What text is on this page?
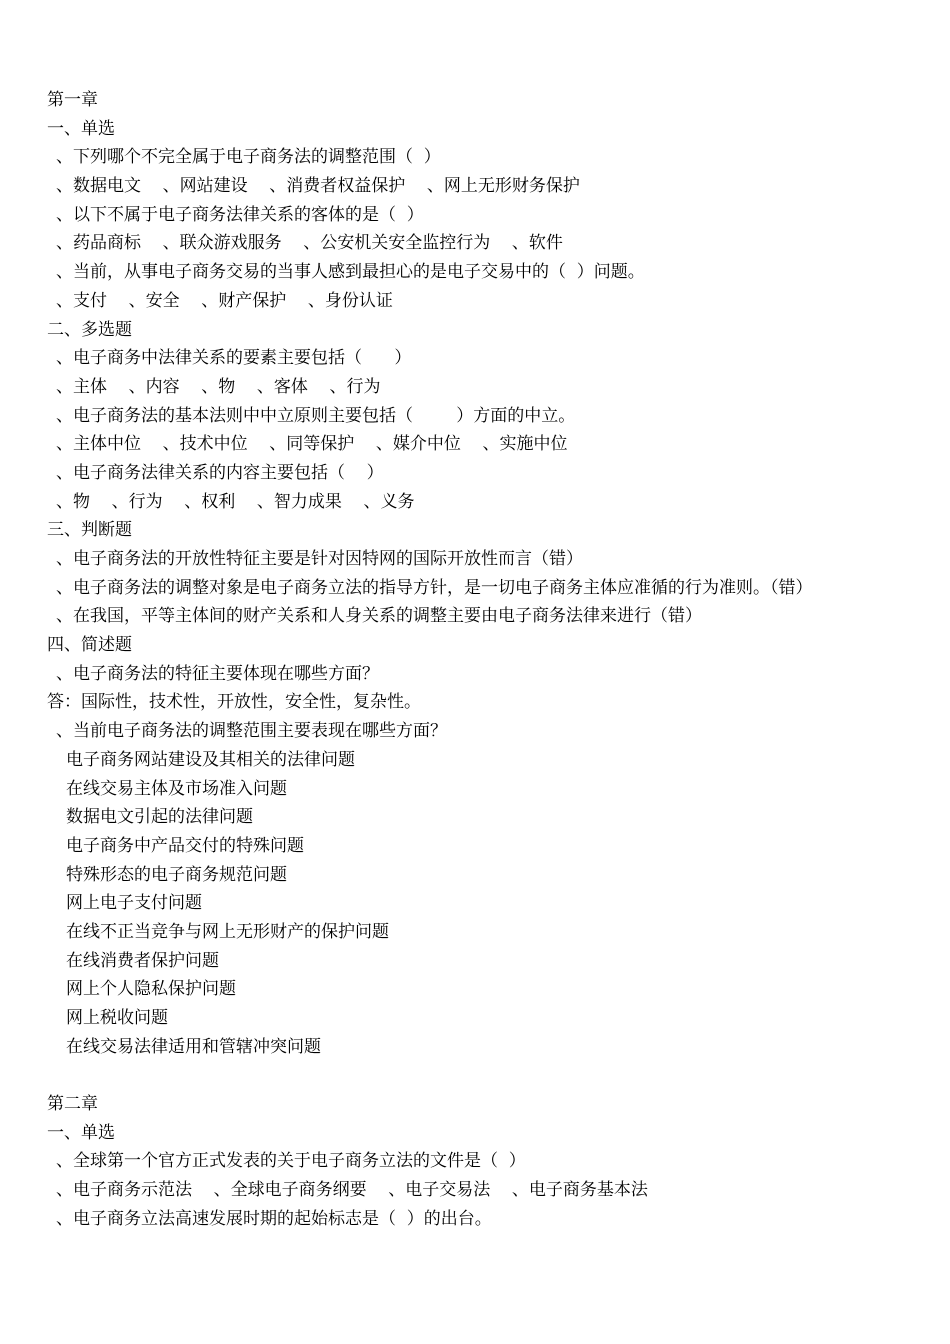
第一章
一、单选
、下列哪个不完全属于电子商务法的调整范围（  ）
、数据电文    、网站建设    、消费者权益保护    、网上无形财务保护
、以下不属于电子商务法律关系的客体的是（  ）
、药品商标    、联众游戏服务    、公安机关安全监控行为    、软件
、当前，从事电子商务交易的当事人感到最担心的是电子交易中的（  ）问题。
、支付    、安全    、财产保护    、身份认证
二、多选题
、电子商务中法律关系的要素主要包括（      ）
、主体    、内容    、物    、客体    、行为
、电子商务法的基本法则中中立原则主要包括（        ）方面的中立。
、主体中位    、技术中位    、同等保护    、媒介中位    、实施中位
、电子商务法律关系的内容主要包括（    ）
、物    、行为    、权利    、智力成果    、义务
三、判断题
、电子商务法的开放性特征主要是针对因特网的国际开放性而言（错）
、电子商务法的调整对象是电子商务立法的指导方针，是一切电子商务主体应准循的行为准则。（错）
、在我国，平等主体间的财产关系和人身关系的调整主要由电子商务法律来进行（错）
四、简述题
、电子商务法的特征主要体现在哪些方面？
答：国际性，技术性，开放性，安全性，复杂性。
、当前电子商务法的调整范围主要表现在哪些方面？
电子商务网站建设及其相关的法律问题
在线交易主体及市场准入问题
数据电文引起的法律问题
电子商务中产品交付的特殊问题
特殊形态的电子商务规范问题
网上电子支付问题
在线不正当竞争与网上无形财产的保护问题
在线消费者保护问题
网上个人隐私保护问题
网上税收问题
在线交易法律适用和管辖冲突问题
第二章
一、单选
、全球第一个官方正式发表的关于电子商务立法的文件是（  ）
、电子商务示范法    、全球电子商务纲要    、电子交易法    、电子商务基本法
、电子商务立法高速发展时期的起始标志是（  ）的出台。
